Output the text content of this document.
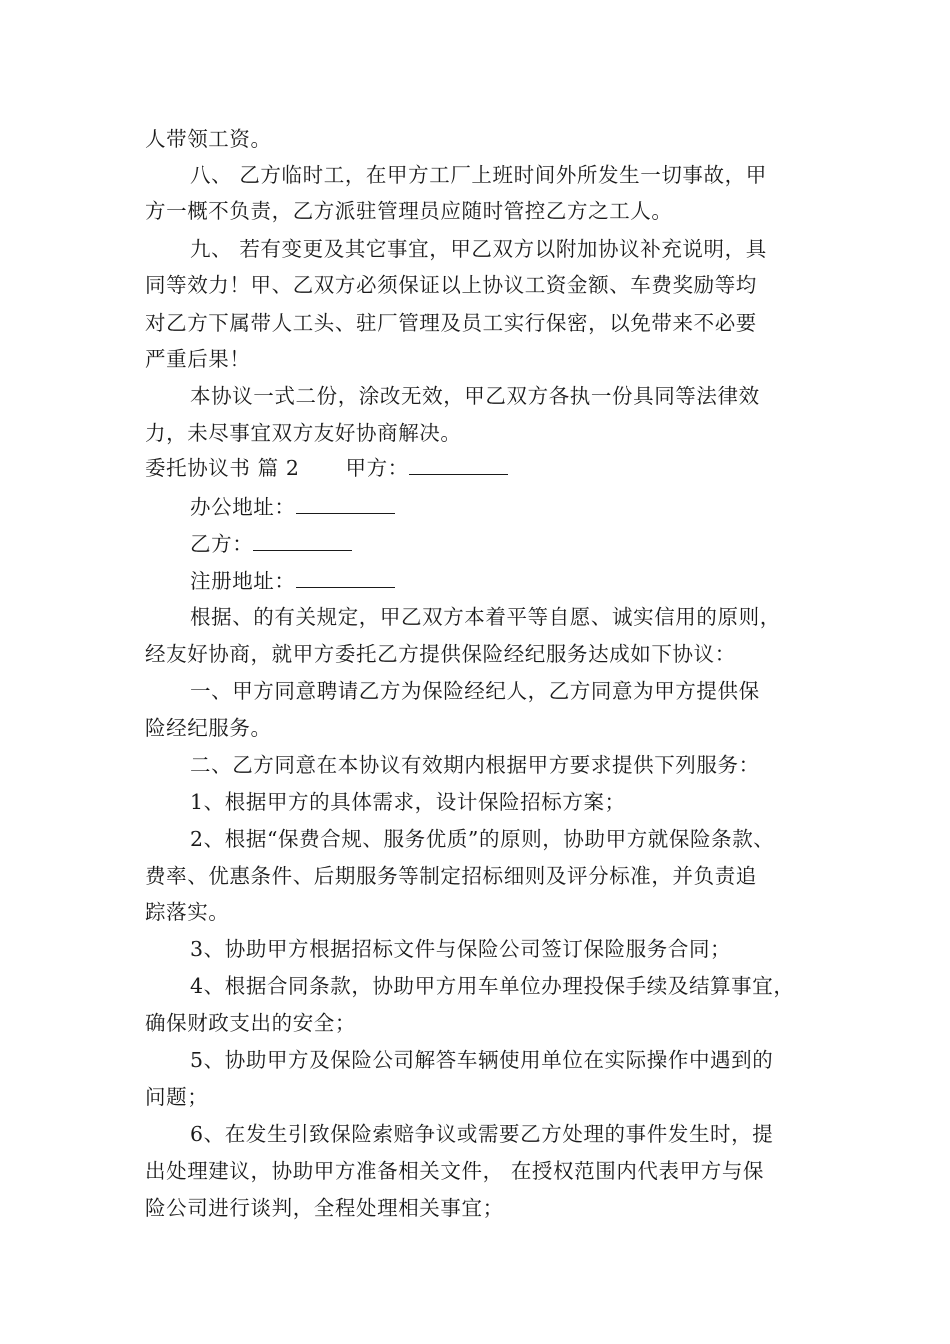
人带领工资。
八、 乙方临时工，在甲方工厂上班时间外所发生一切事故，甲
方一概不负责，乙方派驻管理员应随时管控乙方之工人。
九、 若有变更及其它事宜，甲乙双方以附加协议补充说明，具
同等效力！甲、乙双方必须保证以上协议工资金额、车费奖励等均
对乙方下属带人工头、驻厂管理及员工实行保密，以免带来不必要
严重后果！
本协议一式二份，涂改无效，甲乙双方各执一份具同等法律效
力，未尽事宜双方友好协商解决。
委托协议书 篇 2 甲方：
办公地址：
乙方：
注册地址：
根据、的有关规定，甲乙双方本着平等自愿、诚实信用的原则，
经友好协商，就甲方委托乙方提供保险经纪服务达成如下协议：
一、甲方同意聘请乙方为保险经纪人，乙方同意为甲方提供保
险经纪服务。
二、乙方同意在本协议有效期内根据甲方要求提供下列服务：
1、根据甲方的具体需求，设计保险招标方案；
2、根据“保费合规、服务优质”的原则，协助甲方就保险条款、
费率、优惠条件、后期服务等制定招标细则及评分标准，并负责追
踪落实。
3、协助甲方根据招标文件与保险公司签订保险服务合同；
4、根据合同条款，协助甲方用车单位办理投保手续及结算事宜，
确保财政支出的安全；
5、协助甲方及保险公司解答车辆使用单位在实际操作中遇到的
问题；
6、在发生引致保险索赔争议或需要乙方处理的事件发生时，提
出处理建议，协助甲方准备相关文件， 在授权范围内代表甲方与保
险公司进行谈判，全程处理相关事宜；
